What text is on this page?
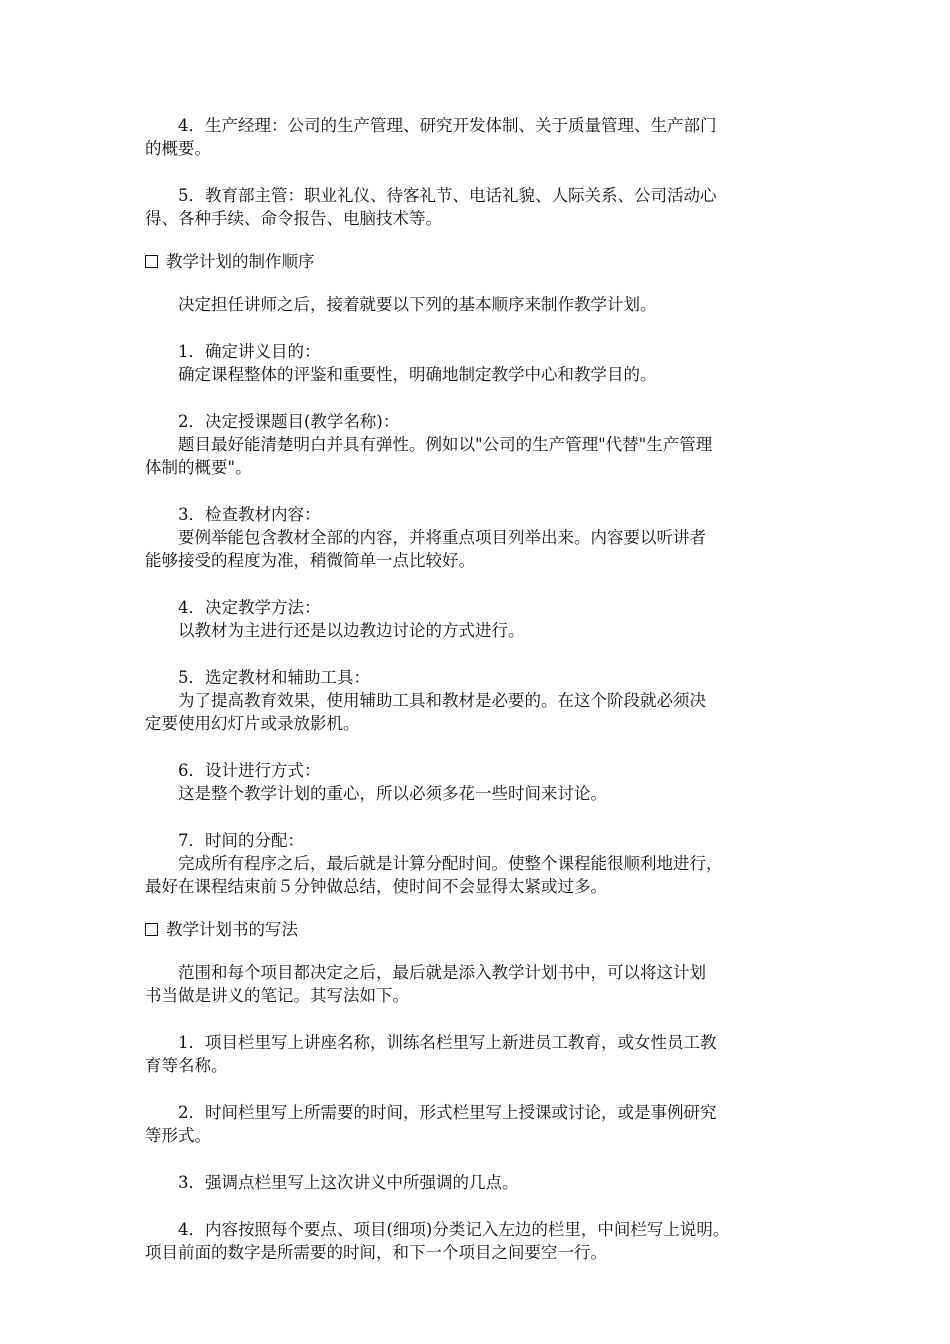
　　4．生产经理：公司的生产管理、研究开发体制、关于质量管理、生产部门

的概要。

　　5．教育部主管：职业礼仪、待客礼节、电话礼貌、人际关系、公司活动心

得、各种手续、命令报告、电脑技术等。

教学计划的制作顺序

　　决定担任讲师之后，接着就要以下列的基本顺序来制作教学计划。

　　1．确定讲义目的：

　　确定课程整体的评鉴和重要性，明确地制定教学中心和教学目的。

　　2．决定授课题目(教学名称)：

　　题目最好能清楚明白并具有弹性。例如以"公司的生产管理"代替"生产管理
体制的概要"。

　　3．检查教材内容：

　　要例举能包含教材全部的内容，并将重点项目列举出来。内容要以听讲者
能够接受的程度为准，稍微简单一点比较好。

　　4．决定教学方法：

　　以教材为主进行还是以边教边讨论的方式进行。

　　5．选定教材和辅助工具：

　　为了提高教育效果，使用辅助工具和教材是必要的。在这个阶段就必须决
定要使用幻灯片或录放影机。

　　6．设计进行方式：

　　这是整个教学计划的重心，所以必须多花一些时间来讨论。

　　7．时间的分配：

　　完成所有程序之后，最后就是计算分配时间。使整个课程能很顺利地进行，
最好在课程结束前５分钟做总结，使时间不会显得太紧或过多。

教学计划书的写法

　　范围和每个项目都决定之后，最后就是添入教学计划书中，可以将这计划
书当做是讲义的笔记。其写法如下。

　　1．项目栏里写上讲座名称，训练名栏里写上新进员工教育，或女性员工教
育等名称。

　　2．时间栏里写上所需要的时间，形式栏里写上授课或讨论，或是事例研究
等形式。

　　3．强调点栏里写上这次讲义中所强调的几点。

　　4．内容按照每个要点、项目(细项)分类记入左边的栏里，中间栏写上说明。
项目前面的数字是所需要的时间，和下一个项目之间要空一行。
